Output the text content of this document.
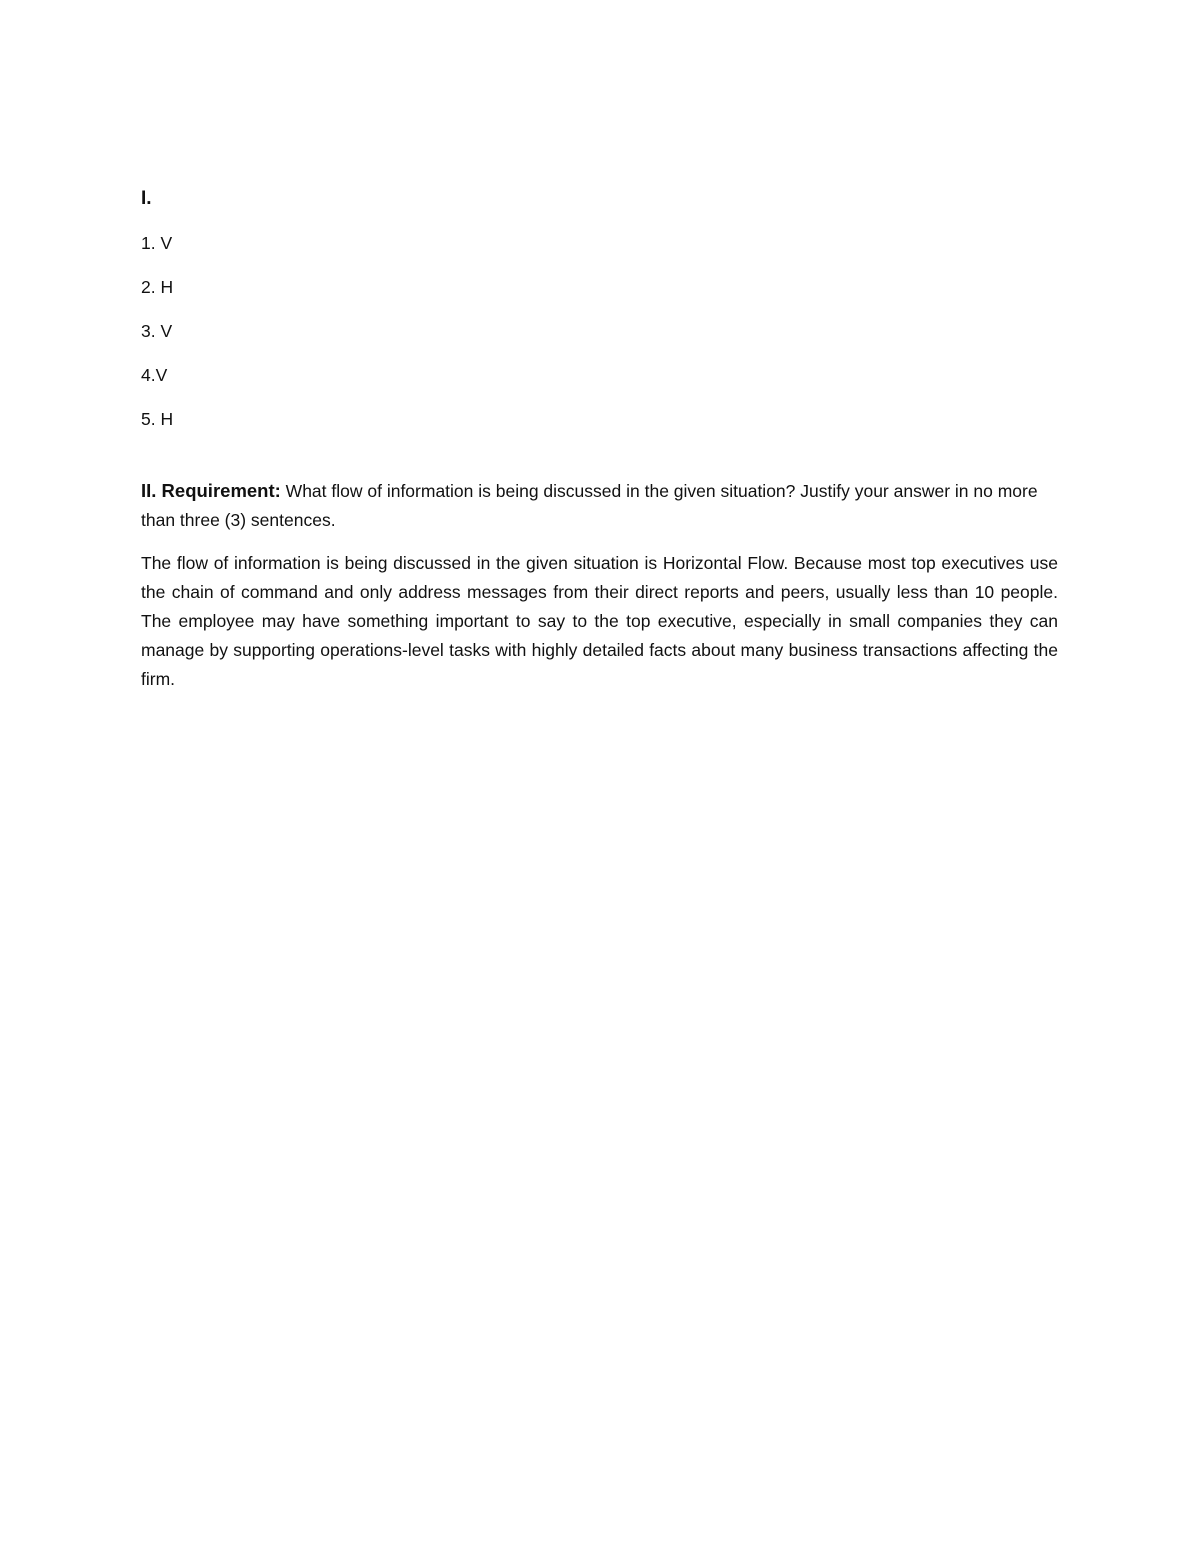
I.
1. V
2. H
3. V
4.V
5. H

II. Requirement: What flow of information is being discussed in the given situation? Justify your answer in no more than three (3) sentences.

The flow of information is being discussed in the given situation is Horizontal Flow. Because most top executives use the chain of command and only address messages from their direct reports and peers, usually less than 10 people. The employee may have something important to say to the top executive, especially in small companies they can manage by supporting operations-level tasks with highly detailed facts about many business transactions affecting the firm.
